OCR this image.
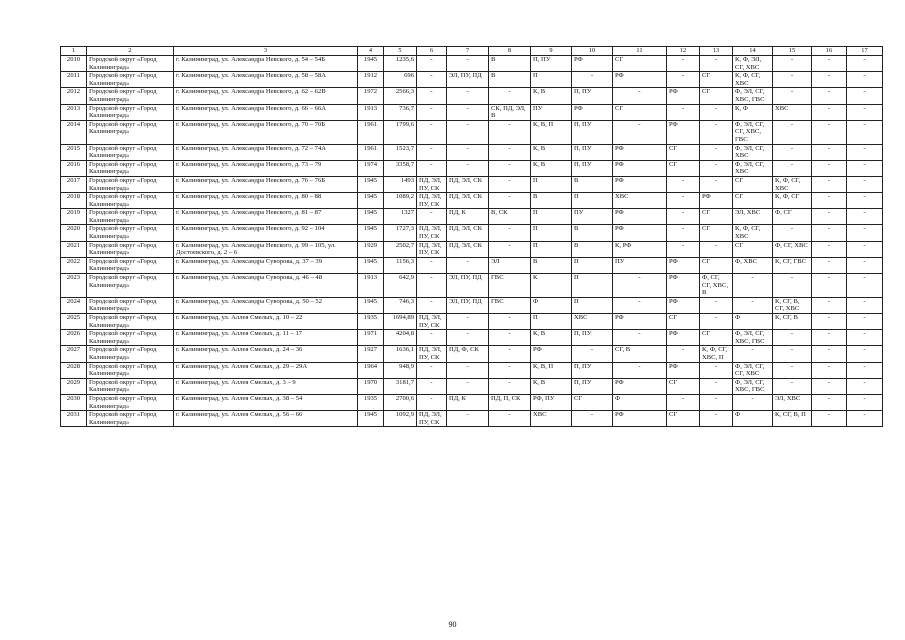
1	2	3	4	5	6	7	8	9	10	11	12	13	14	15	16	17
2010	Городской округ «Город Калининград»	г. Калининград, ул. Александра Невского, д. 54 – 54Б	1945	1235,6	-	-	В	П, ПУ	РФ	СГ	-	-	К, Ф, ЭЛ, СГ, ХВС	-	-	-
2011	Городской округ «Город Калининград»	г. Калининград, ул. Александра Невского, д. 58 – 58А	1912	696	-	ЭЛ, ПУ, ПД	В	П	-	РФ	-	СГ	К, Ф, СГ, ХВС	-	-	-
2012	Городской округ «Город Калининград»	г. Калининград, ул. Александра Невского, д. 62 – 62В	1972	2566,3	-	-	-	К, В	П, ПУ	-	РФ	СГ	Ф, ЭЛ, СГ, ХВС, ГВС	-	-	-
2013	Городской округ «Город Калининград»	г. Калининград, ул. Александра Невского, д. 66 – 66А	1913	736,7	-	-	СК, ПД, ЭЛ, В	ПУ	РФ	СГ	-	-	К, Ф	ХВС	-	-
2014	Городской округ «Город Калининград»	г. Калининград, ул. Александра Невского, д. 70 – 70Б	1961	1799,6	-	-	-	К, В, П	П, ПУ	-	РФ	-	Ф, ЭЛ, СГ, СГ, ХВС, ГВС	-	-	-
2015	Городской округ «Город Калининград»	г. Калининград, ул. Александра Невского, д. 72 – 74А	1961	1523,7	-	-	-	К, В	П, ПУ	РФ	СГ	-	Ф, ЭЛ, СГ, ХВС	-	-	-
2016	Городской округ «Город Калининград»	г. Калининград, ул. Александра Невского, д. 73 – 79	1974	3358,7	-	-	-	К, В	П, ПУ	РФ	СГ	-	Ф, ЭЛ, СГ, ХВС	-	-	-
2017	Городской округ «Город Калининград»	г. Калининград, ул. Александра Невского, д. 76 – 76Б	1945	1493	ПД, ЭЛ, ПУ, СК	ПД, ЭЛ, СК	-	П	В	РФ	-	-	СГ	К, Ф, СГ, ХВС	-	-
2018	Городской округ «Город Калининград»	г. Калининград, ул. Александра Невского, д. 80 – 88	1945	1089,2	ПД, ЭЛ, ПУ, СК	ПД, ЭЛ, СК	-	В	П	ХВС	-	РФ	СГ	К, Ф, СГ	-	-
2019	Городской округ «Город Калининград»	г. Калининград, ул. Александра Невского, д. 81 – 87	1945	1327	-	ПД, К	В, СК	П	ПУ	РФ	-	СГ	ЭЛ, ХВС	Ф, СГ	-	-
2020	Городской округ «Город Калининград»	г. Калининград, ул. Александра Невского, д. 92 – 104	1945	1727,3	ПД, ЭЛ, ПУ, СК	ПД, ЭЛ, СК	-	П	В	РФ	-	СГ	К, Ф, СГ, ХВС	-	-	-
2021	Городской округ «Город Калининград»	г. Калининград, ул. Александра Невского, д. 99 – 105, ул. Достоевского, д. 2 – 6	1929	2502,7	ПД, ЭЛ, ПУ, СК	ПД, ЭЛ, СК	-	П	В	К, РФ	-	-	СГ	Ф, СГ, ХВС	-	-
2022	Городской округ «Город Калининград»	г. Калининград, ул. Александра Суворова, д. 37 – 39	1945	1156,3	-	-	ЭЛ	В	П	ПУ	РФ	СГ	Ф, ХВС	К, СГ, ГВС	-	-
2023	Городской округ «Город Калининград»	г. Калининград, ул. Александра Суворова, д. 46 – 48	1913	642,9	-	ЭЛ, ПУ, ПД	ГВС	К	П	-	РФ	Ф, СГ, СГ, ХВС, В	-	-	-	-
2024	Городской округ «Город Калининград»	г. Калининград, ул. Александра Суворова, д. 50 – 52	1945	746,3	-	ЭЛ, ПУ, ПД	ГВС	Ф	П	-	РФ	-	-	К, СГ, В, СГ, ХВС	-	-
2025	Городской округ «Город Калининград»	г. Калининград, ул. Аллея Смелых, д. 10 – 22	1935	1694,89	ПД, ЭЛ, ПУ, СК	-	-	П	ХВС	РФ	СГ	-	Ф	К, СГ, В	-	-
2026	Городской округ «Город Калининград»	г. Калининград, ул. Аллея Смелых, д. 11 – 17	1971	4204,8	-	-	-	К, В	П, ПУ	-	РФ	СГ	Ф, ЭЛ, СГ, ХВС, ГВС	-	-	-
2027	Городской округ «Город Калининград»	г. Калининград, ул. Аллея Смелых, д. 24 – 36	1927	1636,1	ПД, ЭЛ, ПУ, СК	ПД, Ф, СК	-	РФ	-	СГ, В	-	К, Ф, СГ, ХВС, П	-	-	-	-
2028	Городской округ «Город Калининград»	г. Калининград, ул. Аллея Смелых, д. 29 – 29А	1964	948,9	-	-	-	К, В, П	П, ПУ	-	РФ	-	Ф, ЭЛ, СГ, СГ, ХВС	-	-	-
2029	Городской округ «Город Калининград»	г. Калининград, ул. Аллея Смелых, д. 3 – 9	1970	3181,7	-	-	-	К, В	П, ПУ	РФ	СГ	-	Ф, ЭЛ, СГ, ХВС, ГВС	-	-	-
2030	Городской округ «Город Калининград»	г. Калининград, ул. Аллея Смелых, д. 38 – 54	1935	2700,6	-	ПД, К	ПД, П, СК	РФ, ПУ	СГ	Ф	-	-	-	ЭЛ, ХВС	-	-
2031	Городской округ «Город Калининград»	г. Калининград, ул. Аллея Смелых, д. 56 – 66	1945	1092,9	ПД, ЭЛ, ПУ, СК	-	-	ХВС	-	РФ	СГ	-	Ф	К, СГ, В, П	-	-
90
